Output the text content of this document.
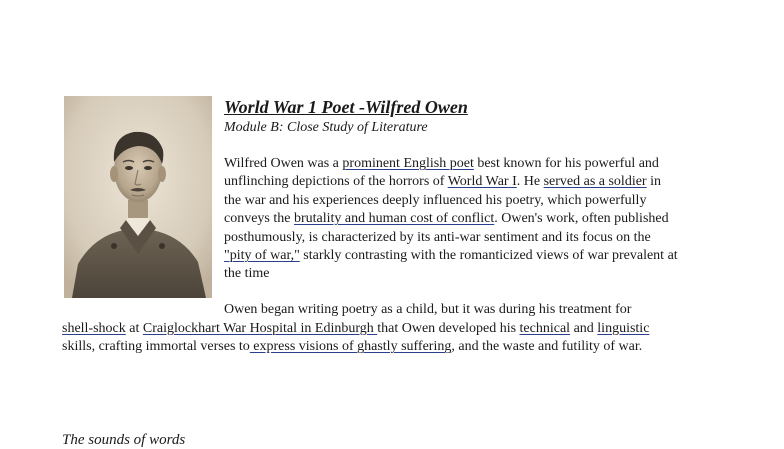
World War 1 Poet -Wilfred Owen
Module B: Close Study of Literature
Wilfred Owen was a prominent English poet best known for his powerful and
unflinching depictions of the horrors of World War I. He served as a soldier in
the war and his experiences deeply influenced his poetry, which powerfully
conveys the brutality and human cost of conflict. Owen's work, often published
posthumously, is characterized by its anti-war sentiment and its focus on the
"pity of war," starkly contrasting with the romanticized views of war prevalent at
the time
Owen began writing poetry as a child, but it was during his treatment for
shell-shock at Craiglockhart War Hospital in Edinburgh that Owen developed his technical and linguistic
skills, crafting immortal verses to express visions of ghastly suffering, and the waste and futility of war.
The sounds of words
